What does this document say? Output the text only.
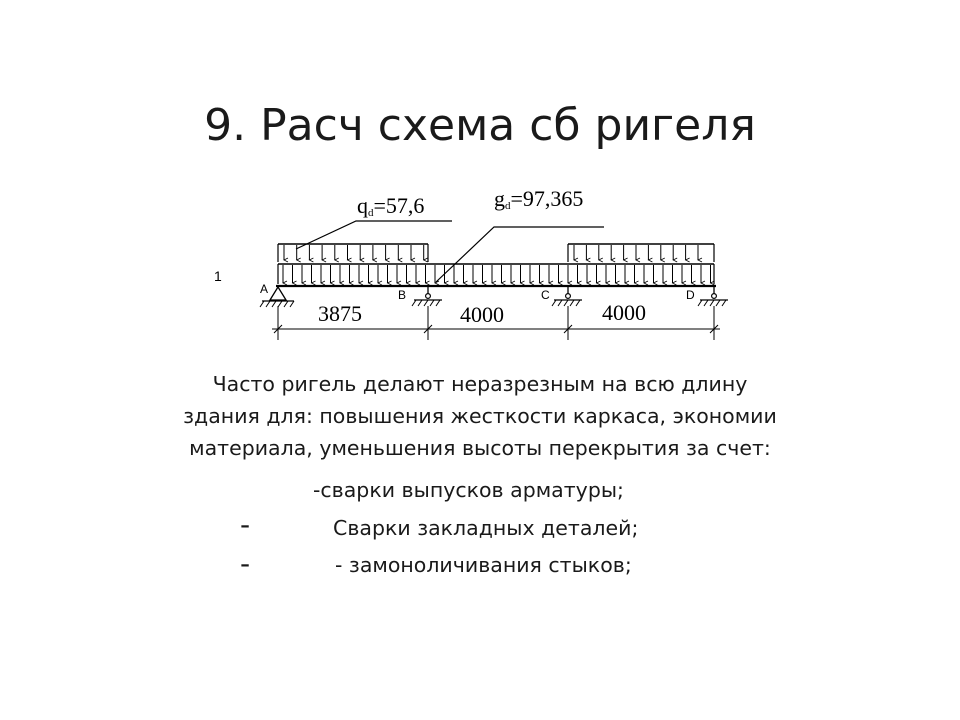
9. Расч схема сб ригеля
1
qd=57,6	gd=97,365
A	B	C	D
3875	4000	4000
Часто ригель делают неразрезным на всю длину
здания для: повышения жесткости каркаса, экономии
материала, уменьшения высоты перекрытия за счет:
-сварки выпусков арматуры;
-	Сварки закладных деталей;
-	- замоноличивания стыков;
